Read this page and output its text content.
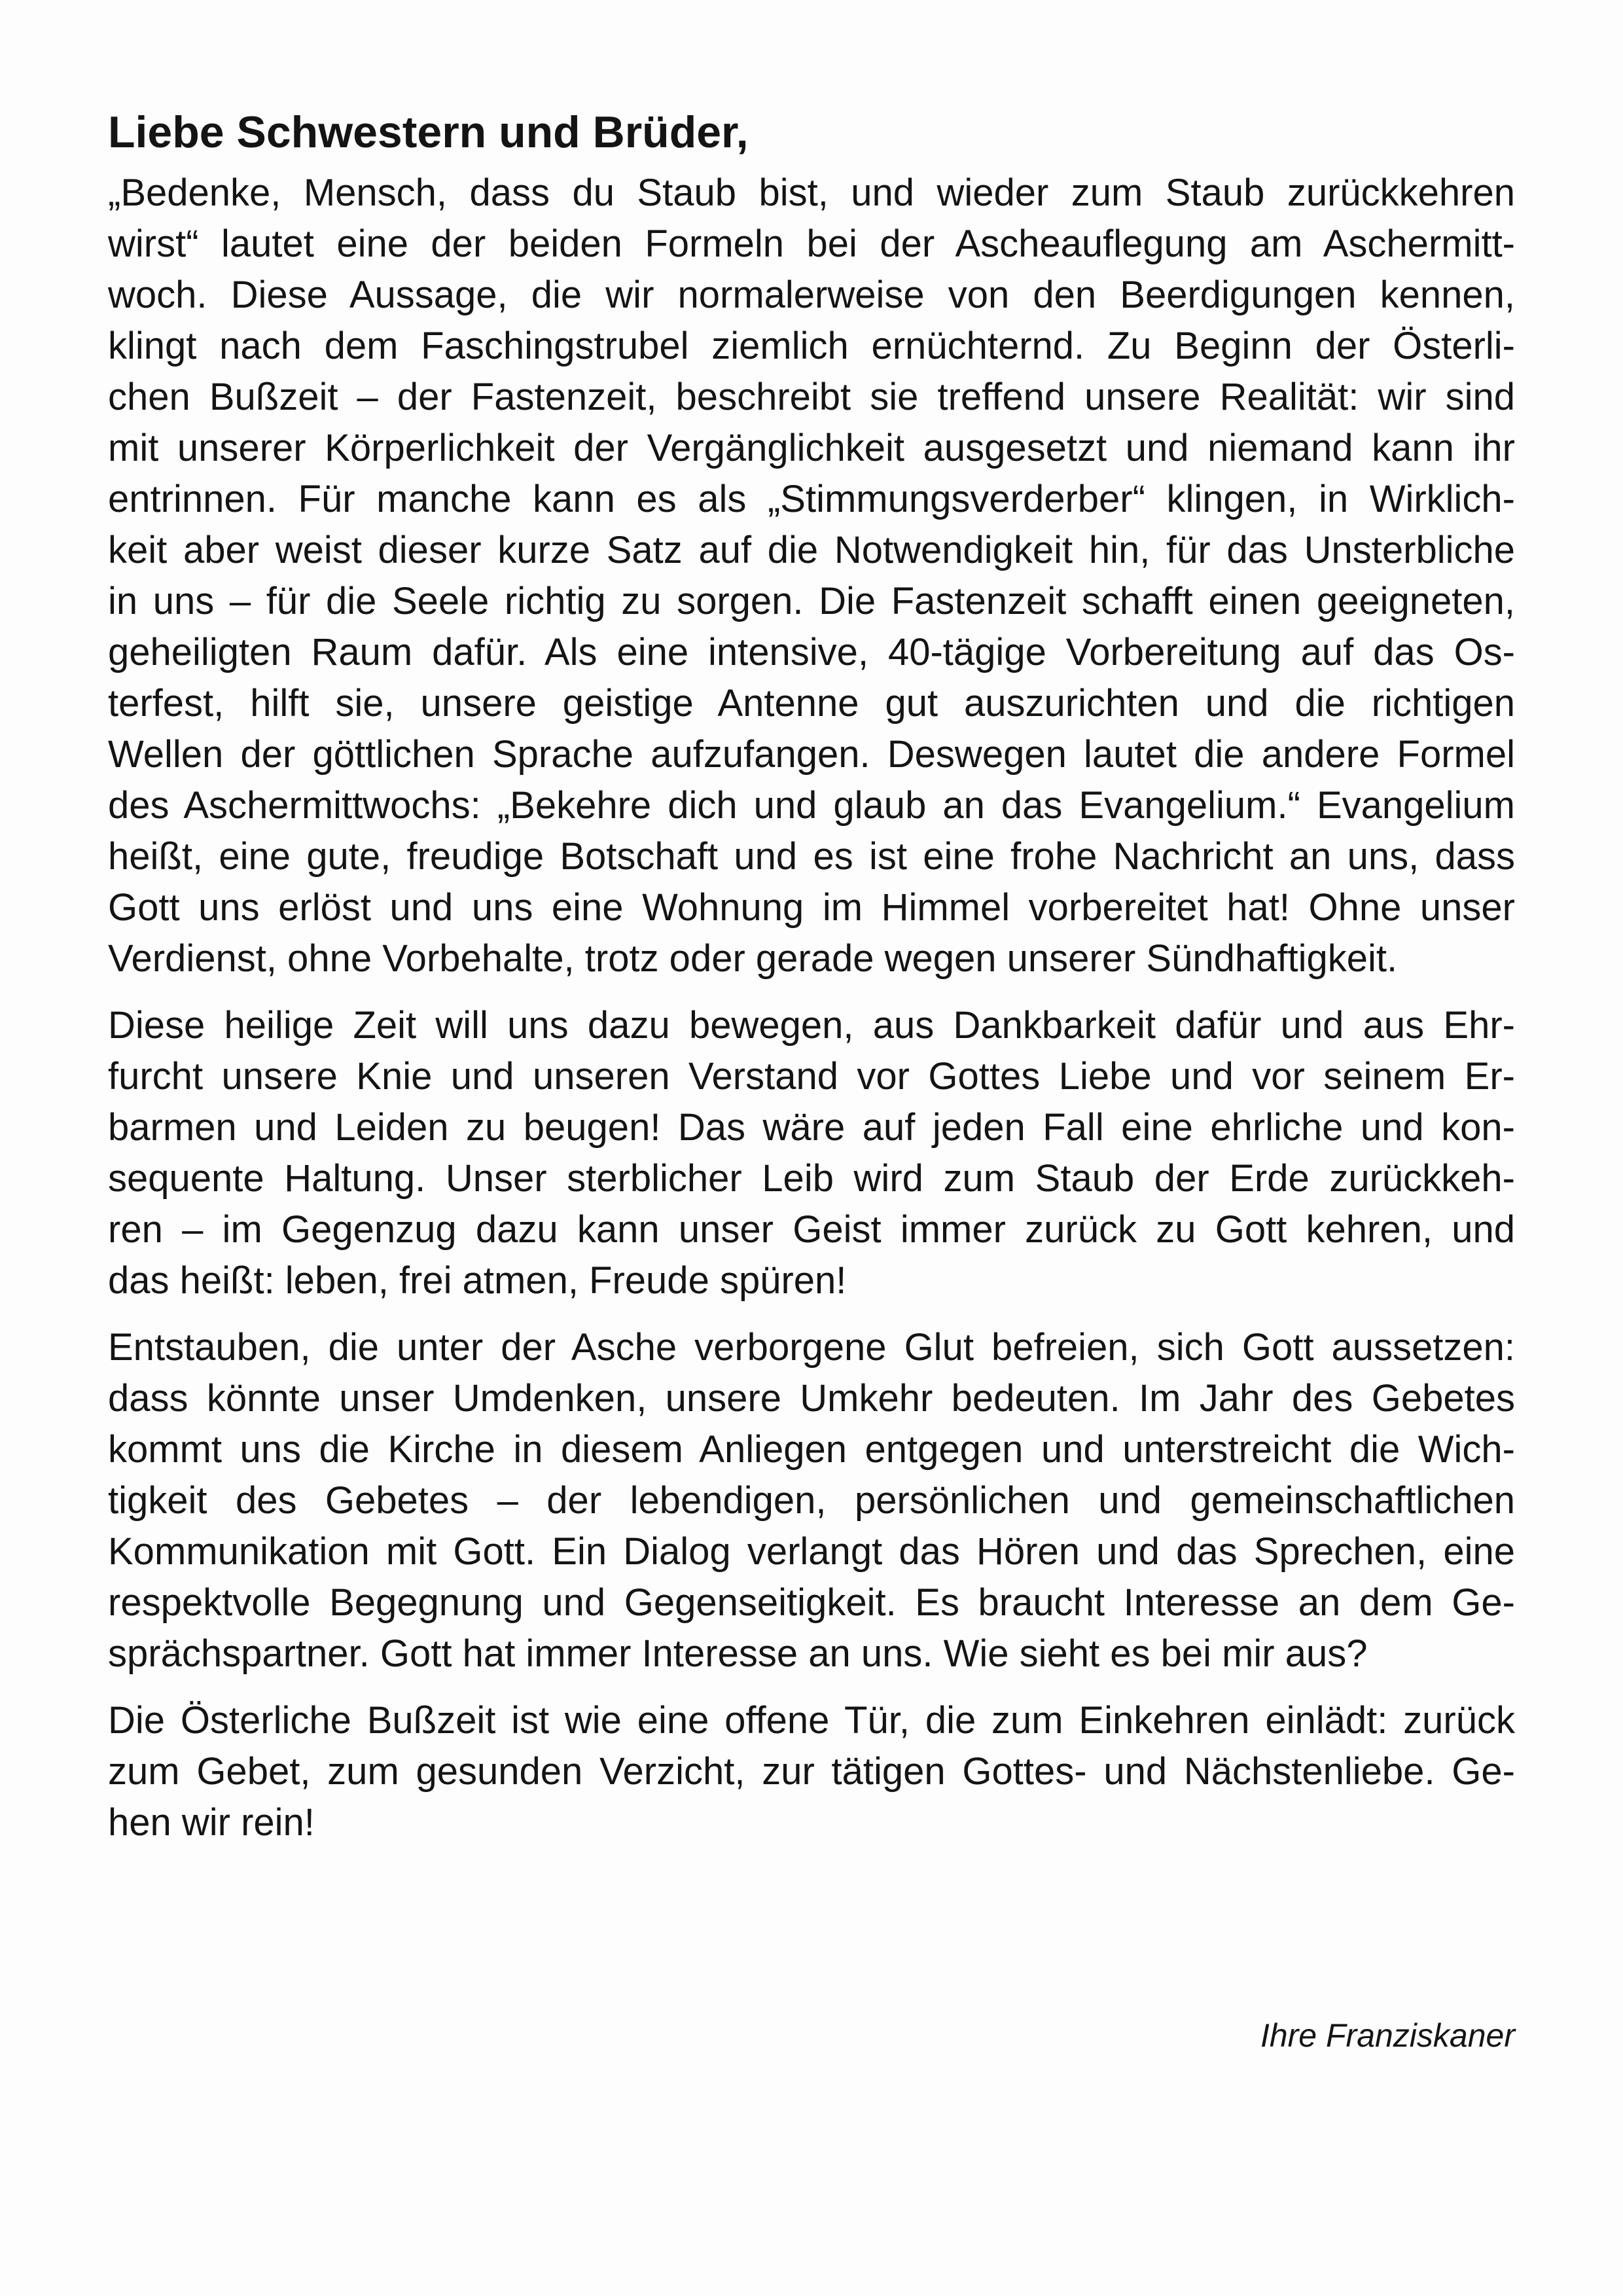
Liebe Schwestern und Brüder,
„Bedenke, Mensch, dass du Staub bist, und wieder zum Staub zurückkehren
wirst“ lautet eine der beiden Formeln bei der Ascheauflegung am Aschermitt-
woch. Diese Aussage, die wir normalerweise von den Beerdigungen kennen,
klingt nach dem Faschingstrubel ziemlich ernüchternd. Zu Beginn der Österli-
chen Bußzeit – der Fastenzeit, beschreibt sie treffend unsere Realität: wir sind
mit unserer Körperlichkeit der Vergänglichkeit ausgesetzt und niemand kann ihr
entrinnen. Für manche kann es als „Stimmungsverderber“ klingen, in Wirklich-
keit aber weist dieser kurze Satz auf die Notwendigkeit hin, für das Unsterbliche
in uns – für die Seele richtig zu sorgen. Die Fastenzeit schafft einen geeigneten,
geheiligten Raum dafür. Als eine intensive, 40-tägige Vorbereitung auf das Os-
terfest, hilft sie, unsere geistige Antenne gut auszurichten und die richtigen
Wellen der göttlichen Sprache aufzufangen. Deswegen lautet die andere Formel
des Aschermittwochs: „Bekehre dich und glaub an das Evangelium.“ Evangelium
heißt, eine gute, freudige Botschaft und es ist eine frohe Nachricht an uns, dass
Gott uns erlöst und uns eine Wohnung im Himmel vorbereitet hat! Ohne unser
Verdienst, ohne Vorbehalte, trotz oder gerade wegen unserer Sündhaftigkeit.
Diese heilige Zeit will uns dazu bewegen, aus Dankbarkeit dafür und aus Ehr-
furcht unsere Knie und unseren Verstand vor Gottes Liebe und vor seinem Er-
barmen und Leiden zu beugen! Das wäre auf jeden Fall eine ehrliche und kon-
sequente Haltung. Unser sterblicher Leib wird zum Staub der Erde zurückkeh-
ren – im Gegenzug dazu kann unser Geist immer zurück zu Gott kehren, und
das heißt: leben, frei atmen, Freude spüren!
Entstauben, die unter der Asche verborgene Glut befreien, sich Gott aussetzen:
dass könnte unser Umdenken, unsere Umkehr bedeuten. Im Jahr des Gebetes
kommt uns die Kirche in diesem Anliegen entgegen und unterstreicht die Wich-
tigkeit des Gebetes – der lebendigen, persönlichen und gemeinschaftlichen
Kommunikation mit Gott. Ein Dialog verlangt das Hören und das Sprechen, eine
respektvolle Begegnung und Gegenseitigkeit. Es braucht Interesse an dem Ge-
sprächspartner. Gott hat immer Interesse an uns. Wie sieht es bei mir aus?
Die Österliche Bußzeit ist wie eine offene Tür, die zum Einkehren einlädt: zurück
zum Gebet, zum gesunden Verzicht, zur tätigen Gottes- und Nächstenliebe. Ge-
hen wir rein!
Ihre Franziskaner
